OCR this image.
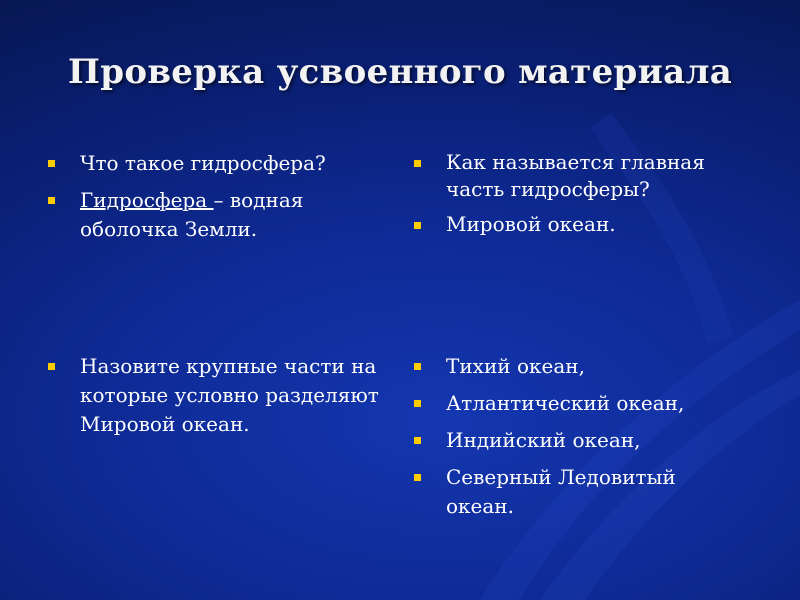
Проверка усвоенного материала
Что такое гидросфера?
Гидросфера – водная оболочка Земли.
Как называется главная часть гидросферы?
Мировой океан.
Назовите крупные части на которые условно разделяют Мировой океан.
Тихий океан,
Атлантический океан,
Индийский океан,
Северный Ледовитый океан.
